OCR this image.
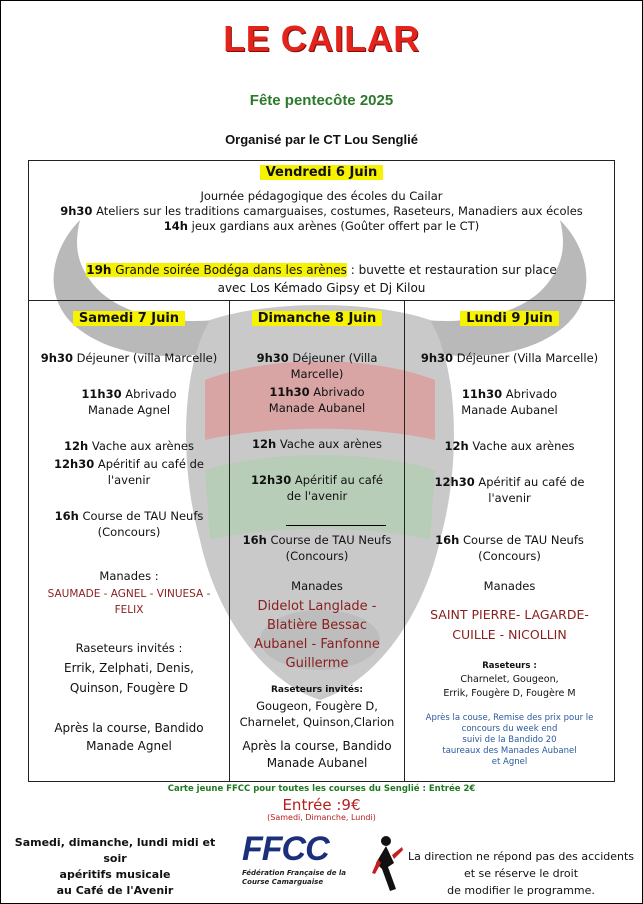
LE CAILAR
Fête pentecôte 2025
Organisé par le CT Lou Senglié
Vendredi 6 Juin
Journée pédagogique des écoles du Cailar
9h30 Ateliers sur les traditions camarguaises, costumes, Raseteurs, Manadiers aux écoles
14h jeux gardians aux arènes (Goûter offert par le CT)
19h Grande soirée Bodéga dans les arènes : buvette et restauration sur place
avec Los Kémado Gipsy et Dj Kilou
Samedi 7 Juin
9h30 Déjeuner (villa Marcelle)
11h30 Abrivado
Manade Agnel
12h Vache aux arènes
12h30 Apéritif au café de
l'avenir
16h Course de TAU Neufs
(Concours)
Manades :
SAUMADE - AGNEL - VINUESA -
FELIX
Raseteurs invités :
Errik, Zelphati, Denis,
Quinson, Fougère D
Après la course, Bandido
Manade Agnel
Dimanche 8 Juin
9h30 Déjeuner (Villa
Marcelle)
11h30 Abrivado
Manade Aubanel
12h Vache aux arènes
12h30 Apéritif au café
de l'avenir
16h Course de TAU Neufs
(Concours)
Manades
Didelot Langlade -
Blatière Bessac
Aubanel - Fanfonne
Guillerme
Raseteurs invités:
Gougeon, Fougère D,
Charnelet, Quinson,Clarion
Après la course, Bandido
Manade Aubanel
Lundi 9 Juin
9h30 Déjeuner (Villa Marcelle)
11h30 Abrivado
Manade Aubanel
12h Vache aux arènes
12h30 Apéritif au café de
l'avenir
16h Course de TAU Neufs
(Concours)
Manades
SAINT PIERRE- LAGARDE-
CUILLE - NICOLLIN
Raseteurs :
Charnelet, Gougeon,
Errik, Fougère D, Fougère M
Après la couse, Remise des prix pour le
concours du week end
suivi de la Bandido 20
taureaux des Manades Aubanel
et Agnel
Carte jeune FFCC pour toutes les courses du Senglié : Entrée 2€
Entrée :9€
(Samedi, Dimanche, Lundi)
Samedi, dimanche, lundi midi et soir
apéritifs musicale
au Café de l'Avenir
FFCC
Fédération Française de la
Course Camarguaise
La direction ne répond pas des accidents
et se réserve le droit
de modifier le programme.
